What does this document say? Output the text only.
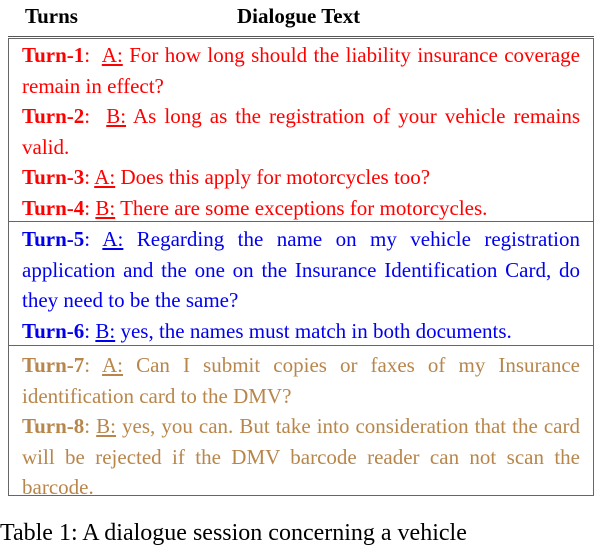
Turns	Dialogue Text
Turn-1:  A: For how long should the liability insurance coverage remain in effect?
Turn-2:  B: As long as the registration of your vehicle remains valid.
Turn-3: A: Does this apply for motorcycles too?
Turn-4: B: There are some exceptions for motorcycles.
Turn-5: A: Regarding the name on my vehicle registration application and the one on the Insurance Identification Card, do they need to be the same?
Turn-6: B: yes, the names must match in both documents.
Turn-7: A: Can I submit copies or faxes of my Insurance identification card to the DMV?
Turn-8: B: yes, you can. But take into consideration that the card will be rejected if the DMV barcode reader can not scan the barcode.
Table 1: A dialogue session concerning a vehicle
